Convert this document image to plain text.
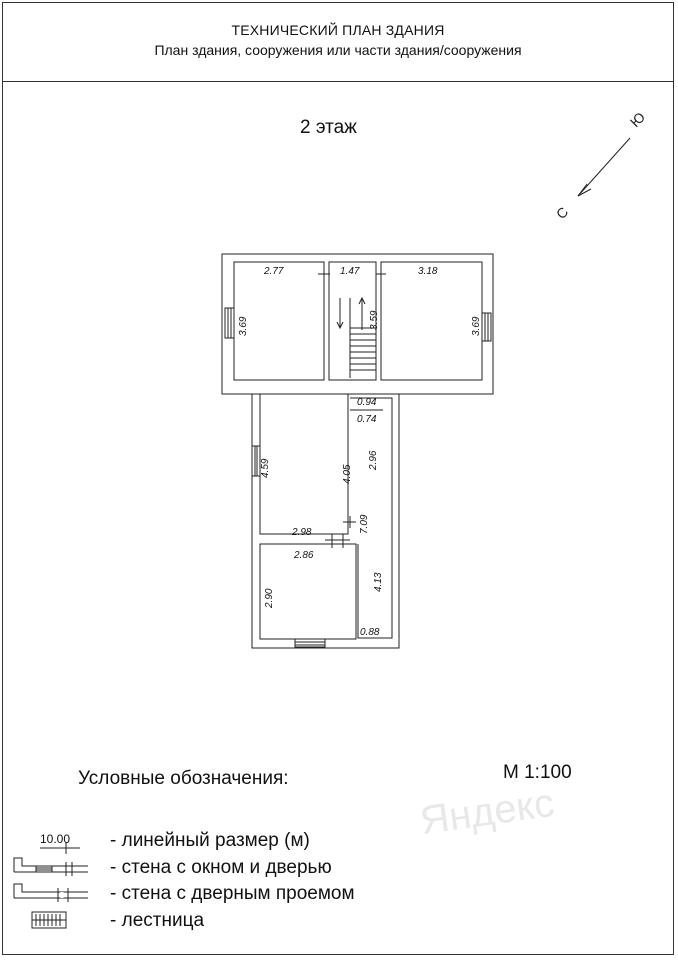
ТЕХНИЧЕСКИЙ ПЛАН ЗДАНИЯ
План здания, сооружения или части здания/сооружения
2 этаж	Ю
С
2.77	1.47	3.18
3.69	3.59	3.69
0.94
0.74
2.96
4.05
4.59
7.09
2.98
2.86
2.90
4.13
0.88
Яндекс
М 1:100
Условные обозначения:
10.00 - линейный размер (м)
- стена с окном и дверью
- стена с дверным проемом
- лестница
